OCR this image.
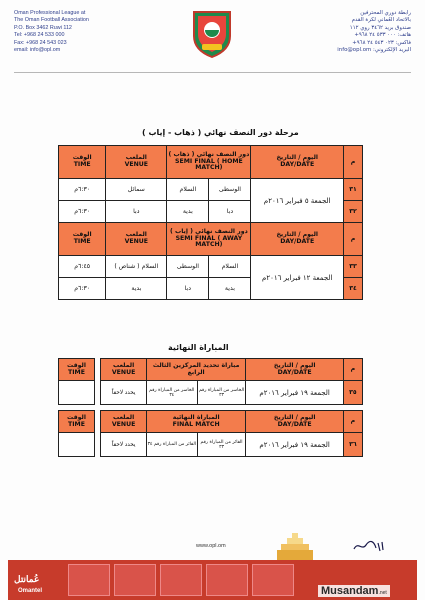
Oman Professional League at
The Oman Football Association
P.O. Box 3462 Ruwi 112
Tel: +968 24 533 000
Fax: +968 24 543 023
email: info@opl.om
رابطة دوري المحترفين
بالاتحاد العُماني لكرة القدم
صندوق بريد ٣٤٦٢ روي ١١٢
هاتف: ٠٠٠ ٥٣٣ ٢٤ ٩٦٨+
فاكس: ٠٢٣ ٥٤٣ ٢٤ ٩٦٨+
البريد الإلكتروني: info@opl.om
مرحلة دور النصف نهائي ( ذهاب - إياب )
الوقت
TIME	الملعب
VENUE	دور النصف نهائي ( ذهاب )
SEMI FINAL ( HOME MATCH)		اليوم / التاريخ
DAY/DATE	م

٦:٣٠م	سمائل	السلام	الوسطى	الجمعة ٥ فبراير ٢٠١٦م	٣١

٦:٣٠م	دبا	بدية	دبا		٣٢

الوقت
TIME	الملعب
VENUE	دور النصف نهائي ( إياب )
SEMI FINAL ( AWAY MATCH)		اليوم / التاريخ
DAY/DATE	م

٦:٤٥م	السلام ( شناص )	الوسطى	السلام	الجمعة ١٢ فبراير ٢٠١٦م	٣٣

٦:٣٠م	بدية	دبا	بدية		٣٤
المباراة النهائية
الوقت
TIME		الملعب
VENUE	مباراة تحديد المركزين الثالث الرابع		اليوم / التاريخ
DAY/DATE	م

		يحدد لاحقاً	الخاسر من المباراة رقم ٣٤	الخاسر من المباراة رقم ٣٣	الجمعة ١٩ فبراير ٢٠١٦م	٣٥

الوقت
TIME		الملعب
VENUE	المباراة النهائية
FINAL MATCH		اليوم / التاريخ
DAY/DATE	م

		يحدد لاحقاً	الفائز من المباراة رقم ٣٤	الفائز من المباراة رقم ٣٣	الجمعة ١٩ فبراير ٢٠١٦م	٣٦
www.opl.om
عُمانتل
Omantel	Musandam.net
